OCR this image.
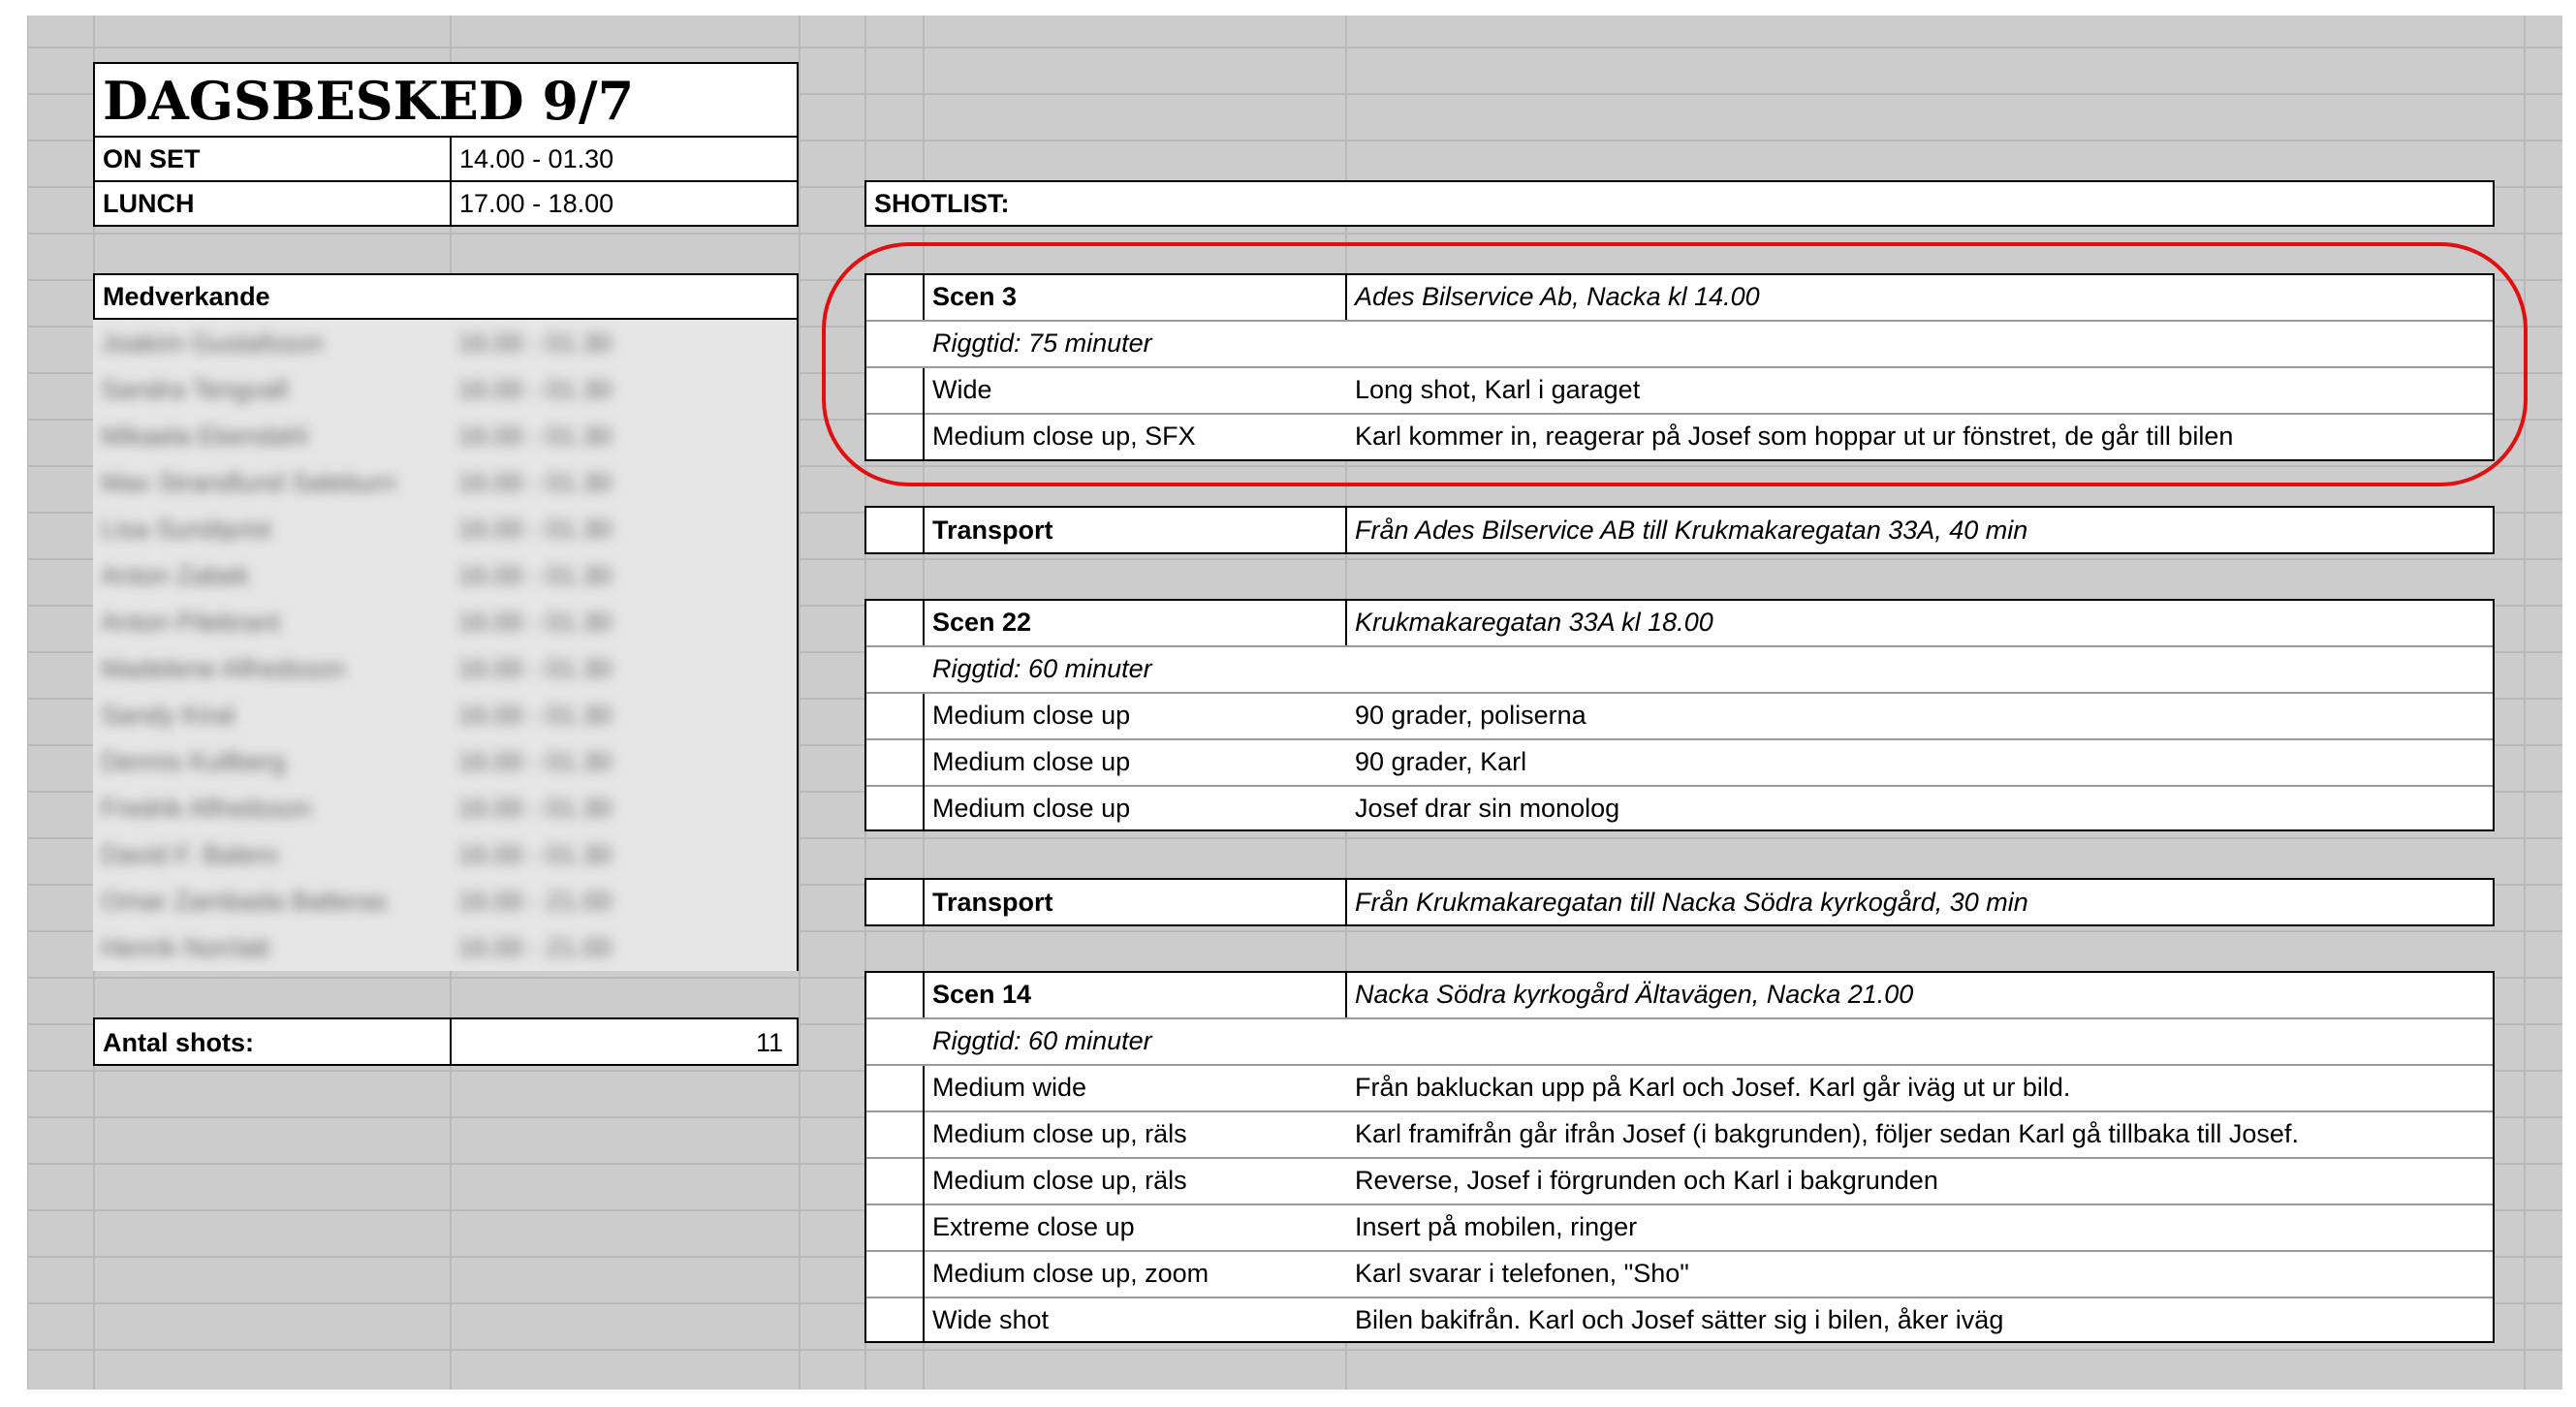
DAGSBESKED 9/7
ON SET	14.00 - 01.30
LUNCH	17.00 - 18.00
Medverkande
Joakim Gustafsson	16.00 - 01.30
Sandra Tengvall	16.00 - 01.30
Mikaela Ekendahl	16.00 - 01.30
Max Strandlund Saleburn 16.00 - 01.30
Lisa Sundqvist	16.00 - 01.30
Anton Zabek	16.00 - 01.30
Anton Pilebrant	16.00 - 01.30
Madelene Alfredsson	16.00 - 01.30
Sandy Kiral	16.00 - 01.30
Dennis Kullberg	16.00 - 01.30
Fredrik Alfredsson	16.00 - 01.30
David F. Balero	16.00 - 01.30
Omar Zambada Balteras	16.00 - 21.00
Henrik Norrlatt	16.00 - 21.00
Antal shots:	11
SHOTLIST:
Scen 3	Ades Bilservice Ab, Nacka kl 14.00
Riggtid: 75 minuter
Wide	Long shot, Karl i garaget
Medium close up, SFX	Karl kommer in, reagerar på Josef som hoppar ut ur fönstret, de går till bilen
Transport	Från Ades Bilservice AB till Krukmakaregatan 33A, 40 min
Scen 22	Krukmakaregatan 33A kl 18.00
Riggtid: 60 minuter
Medium close up	90 grader, poliserna
Medium close up	90 grader, Karl
Medium close up	Josef drar sin monolog
Transport	Från Krukmakaregatan till Nacka Södra kyrkogård, 30 min
Scen 14	Nacka Södra kyrkogård Ältavägen, Nacka 21.00
Riggtid: 60 minuter
Medium wide	Från bakluckan upp på Karl och Josef. Karl går iväg ut ur bild.
Medium close up, räls	Karl framifrån går ifrån Josef (i bakgrunden), följer sedan Karl gå tillbaka till Josef.
Medium close up, räls	Reverse, Josef i förgrunden och Karl i bakgrunden
Extreme close up	Insert på mobilen, ringer
Medium close up, zoom	Karl svarar i telefonen, "Sho"
Wide shot	Bilen bakifrån. Karl och Josef sätter sig i bilen, åker iväg
